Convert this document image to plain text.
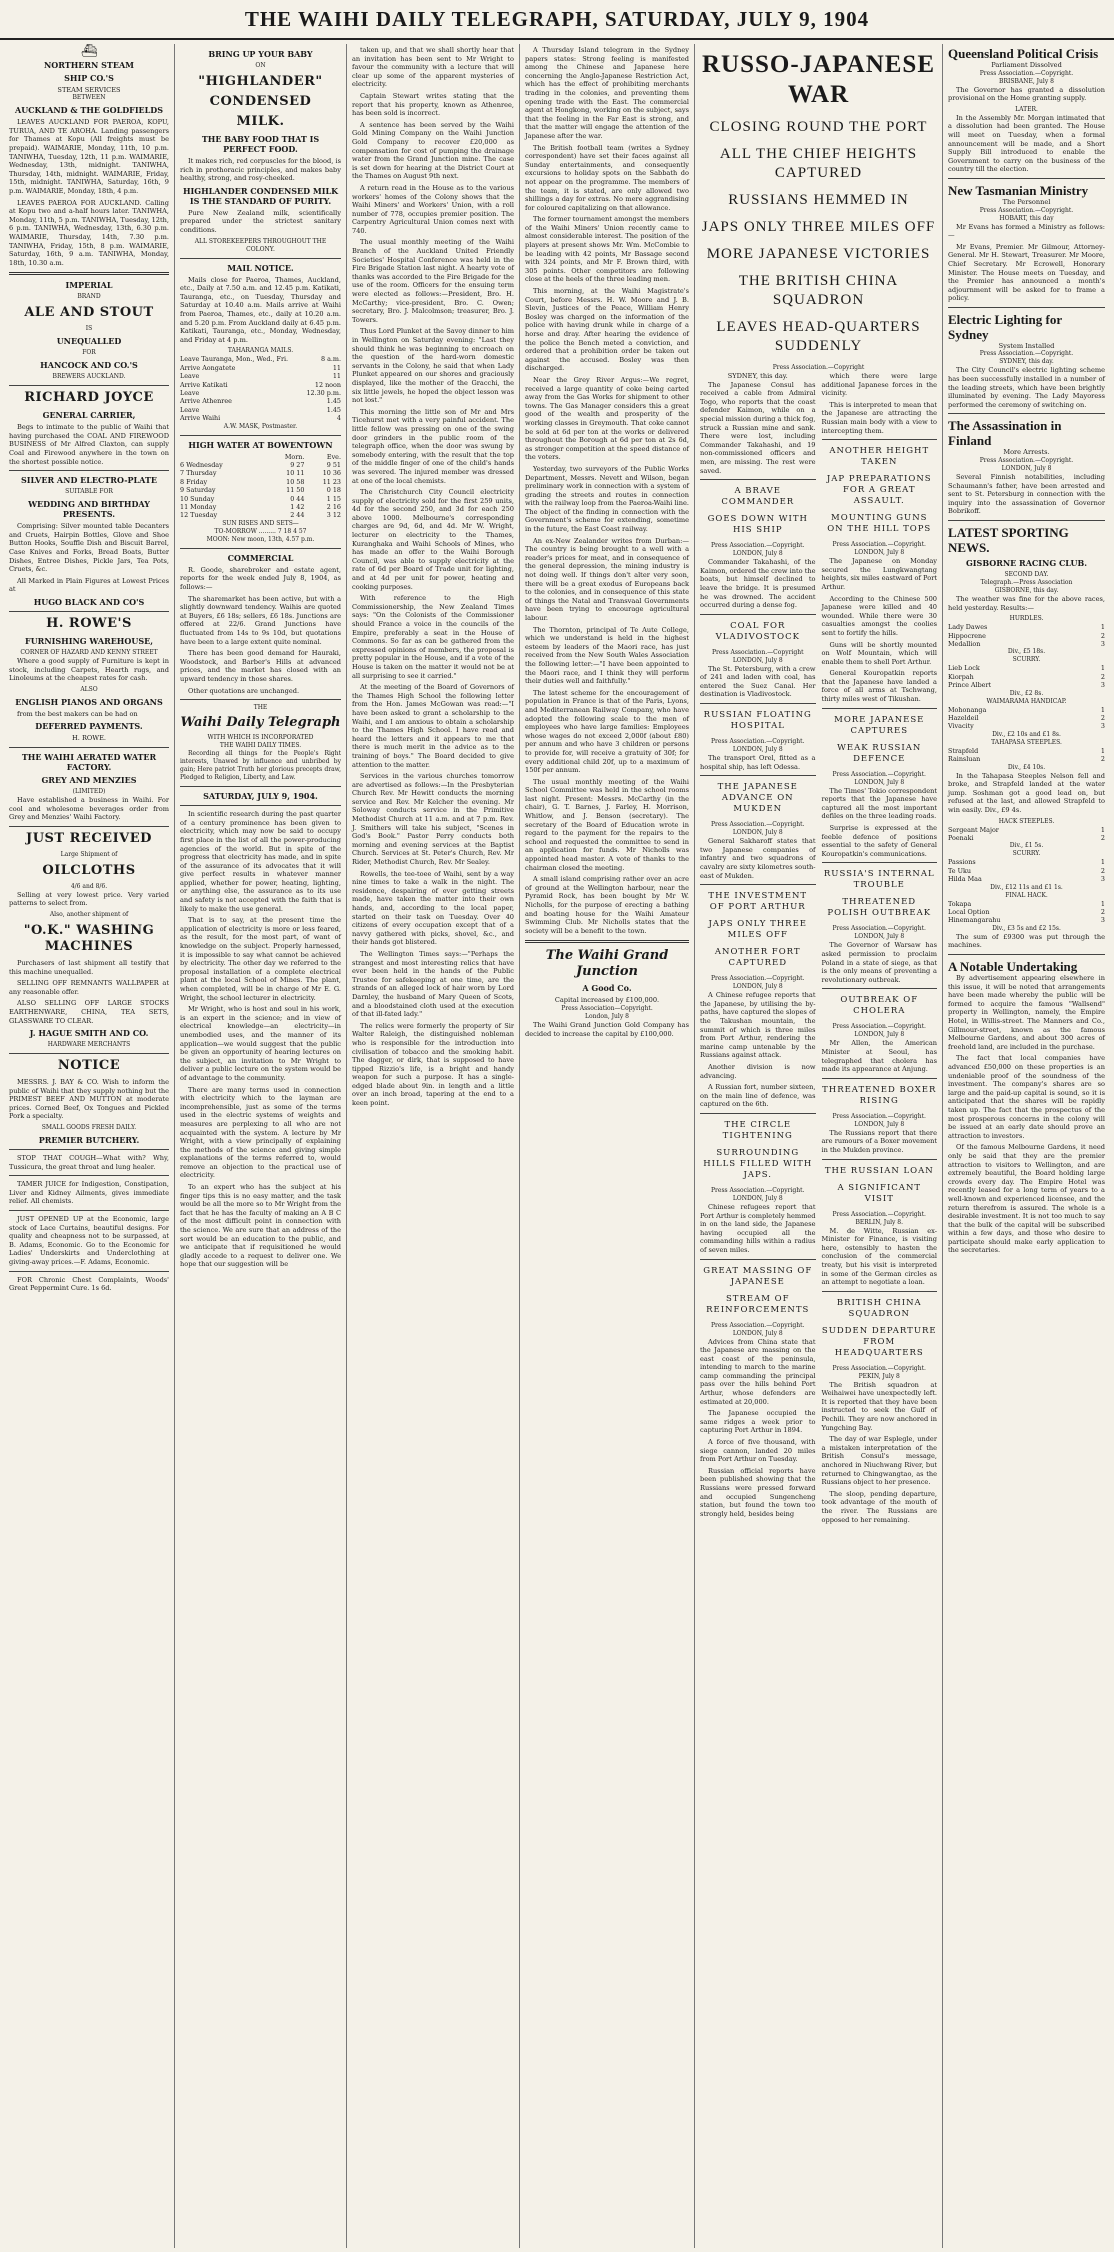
THE WAIHI DAILY TELEGRAPH, SATURDAY, JULY 9, 1904
⛴
NORTHERN STEAM
SHIP CO.'S
STEAM SERVICES
BETWEEN
AUCKLAND & THE GOLDFIELDS

LEAVES AUCKLAND FOR PAEROA, KOPU, TURUA, AND TE AROHA. Landing passengers for Thames at Kopu (All freights must be prepaid). WAIMARIE, Monday, 11th, 10 p.m. TANIWHA, Tuesday, 12th, 11 p.m. WAIMARIE, Wednesday, 13th, midnight. TANIWHA, Thursday, 14th, midnight. WAIMARIE, Friday, 15th, midnight. TANIWHA, Saturday, 16th, 9 p.m. WAIMARIE, Monday, 18th, 4 p.m.

LEAVES PAEROA FOR AUCKLAND. Calling at Kopu two and a-half hours later. TANIWHA, Monday, 11th, 5 p.m. TANIWHA, Tuesday, 12th, 6 p.m. TANIWHA, Wednesday, 13th, 6.30 p.m. WAIMARIE, Thursday, 14th, 7.30 p.m. TANIWHA, Friday, 15th, 8 p.m. WAIMARIE, Saturday, 16th, 9 a.m. TANIWHA, Monday, 18th, 10.30 a.m.

IMPERIAL
BRAND
ALE AND STOUT
IS
UNEQUALLED
FOR
HANCOCK AND CO.'S
BREWERS AUCKLAND.
RICHARD JOYCE
GENERAL CARRIER,

Begs to intimate to the public of Waihi that having purchased the COAL AND FIREWOOD BUSINESS of Mr Alfred Claxton, can supply Coal and Firewood anywhere in the town on the shortest possible notice.

SILVER AND ELECTRO-PLATE
SUITABLE FOR
WEDDING AND BIRTHDAY PRESENTS.

Comprising: Silver mounted table Decanters and Cruets, Hairpin Bottles, Glove and Shoe Button Hooks, Souffle Dish and Biscuit Barrel, Case Knives and Forks, Bread Boats, Butter Dishes, Entree Dishes, Pickle Jars, Tea Pots, Cruets, &c.

All Marked in Plain Figures at Lowest Prices at

HUGO BLACK AND CO'S
H. ROWE'S
FURNISHING WAREHOUSE,
CORNER OF HAZARD AND KENNY STREET

Where a good supply of Furniture is kept in stock, including Carpets, Hearth rugs, and Linoleums at the cheapest rates for cash.

ALSO
ENGLISH PIANOS AND ORGANS

from the best makers can be had on

DEFERRED PAYMENTS.
H. ROWE.
THE WAIHI AERATED WATER FACTORY.
GREY AND MENZIES
(LIMITED)

Have established a business in Waihi. For cool and wholesome beverages order from Grey and Menzies' Waihi Factory.

JUST RECEIVED
Large Shipment of
OILCLOTHS
4/6 and 8/6.

Selling at very lowest price. Very varied patterns to select from.

Also, another shipment of
"O.K." WASHING MACHINES

Purchasers of last shipment all testify that this machine unequalled.

SELLING OFF REMNANTS WALLPAPER at any reasonable offer.

ALSO SELLING OFF LARGE STOCKS EARTHENWARE, CHINA, TEA SETS, GLASSWARE TO CLEAR.

J. HAGUE SMITH AND CO.
HARDWARE MERCHANTS
NOTICE

MESSRS. J. BAY & CO. Wish to inform the public of Waihi that they supply nothing but the PRIMEST BEEF AND MUTTON at moderate prices. Corned Beef, Ox Tongues and Pickled Pork a specialty.

SMALL GOODS FRESH DAILY.
PREMIER BUTCHERY.

STOP THAT COUGH—What with? Why, Tussicura, the great throat and lung healer.

TAMER JUICE for Indigestion, Constipation, Liver and Kidney Ailments, gives immediate relief. All chemists.

JUST OPENED UP at the Economic, large stock of Lace Curtains, beautiful designs. For quality and cheapness not to be surpassed, at B. Adams, Economic. Go to the Economic for Ladies' Underskirts and Underclothing at giving-away prices.—F. Adams, Economic.

FOR Chronic Chest Complaints, Woods' Great Peppermint Cure. 1s 6d.

BRING UP YOUR BABY
ON
"HIGHLANDER"
CONDENSED
MILK.
THE BABY FOOD THAT IS PERFECT FOOD.

It makes rich, red corpuscles for the blood, is rich in prothoracic principles, and makes baby healthy, strong, and rosy-cheeked.

HIGHLANDER CONDENSED MILK IS THE STANDARD OF PURITY.

Pure New Zealand milk, scientifically prepared under the strictest sanitary conditions.

ALL STOREKEEPERS THROUGHOUT THE COLONY.
MAIL NOTICE.

Mails close for Paeroa, Thames, Auckland, etc., Daily at 7.50 a.m. and 12.45 p.m. Katikati, Tauranga, etc., on Tuesday, Thursday and Saturday at 10.40 a.m. Mails arrive at Waihi from Paeroa, Thames, etc., daily at 10.20 a.m. and 5.20 p.m. From Auckland daily at 6.45 p.m. Katikati, Tauranga, etc., Monday, Wednesday, and Friday at 4 p.m.

TAHARANGA MAILS.
Leave Tauranga, Mon., Wed., Fri.	8 a.m.
Arrive Aongatete	11
Leave	11
Arrive Katikati	12 noon
Leave	12.30 p.m.
Arrive Athenree	1.45
Leave	1.45
Arrive Waihi	4
A.W. MASK, Postmaster.
HIGH WATER AT BOWENTOWN
	Morn.	Eve.
6 Wednesday	9 27	9 51
7 Thursday	10 11	10 36
8 Friday	10 58	11 23
9 Saturday	11 50	0 18
10 Sunday	0 44	1 15
11 Monday	1 42	2 16
12 Tuesday	2 44	3 12
SUN RISES AND SETS—
TO-MORROW ......... 7 18 4 57
MOON: New moon, 13th, 4.57 p.m.
COMMERCIAL

R. Goode, sharebroker and estate agent, reports for the week ended July 8, 1904, as follows:—

The sharemarket has been active, but with a slightly downward tendency. Waihis are quoted at Buyers, £6 18s; sellers, £6 18s. Junctions are offered at 22/6. Grand Junctions have fluctuated from 14s to 9s 10d, but quotations have been to a large extent quite nominal.

There has been good demand for Hauraki, Woodstock, and Barber's Hills at advanced prices, and the market has closed with an upward tendency in those shares.

Other quotations are unchanged.

THE
Waihi Daily Telegraph
WITH WHICH IS INCORPORATED
THE WAIHI DAILY TIMES.

Recording all things for the People's Right interests, Unawed by influence and unbribed by gain; Here patriot Truth her glorious precepts draw, Pledged to Religion, Liberty, and Law.

SATURDAY, JULY 9, 1904.

In scientific research during the past quarter of a century prominence has been given to electricity, which may now be said to occupy first place in the list of all the power-producing agencies of the world. But in spite of the progress that electricity has made, and in spite of the assurance of its advocates that it will give perfect results in whatever manner applied, whether for power, heating, lighting, or anything else, the assurance as to its use and safety is not accepted with the faith that is likely to make the use general.

That is to say, at the present time the application of electricity is more or less feared, as the result, for the most part, of want of knowledge on the subject. Properly harnessed, it is impossible to say what cannot be achieved by electricity. The other day we referred to the proposal installation of a complete electrical plant at the local School of Mines. The plant, when completed, will be in charge of Mr E. G. Wright, the school lecturer in electricity.

Mr Wright, who is host and soul in his work, is an expert in the science; and in view of electrical knowledge—an electricity—in unembodied uses, and the manner of its application—we would suggest that the public be given an opportunity of hearing lectures on the subject, an invitation to Mr Wright to deliver a public lecture on the system would be of advantage to the community.

There are many terms used in connection with electricity which to the layman are incomprehensible, just as some of the terms used in the electric systems of weights and measures are perplexing to all who are not acquainted with the system. A lecture by Mr Wright, with a view principally of explaining the methods of the science and giving simple explanations of the terms referred to, would remove an objection to the practical use of electricity.

To an expert who has the subject at his finger tips this is no easy matter, and the task would be all the more so to Mr Wright from the fact that he has the faculty of making an A B C of the most difficult point in connection with the science. We are sure that an address of the sort would be an education to the public, and we anticipate that if requisitioned he would gladly accede to a request to deliver one. We hope that our suggestion will be

taken up, and that we shall shortly hear that an invitation has been sent to Mr Wright to favour the community with a lecture that will clear up some of the apparent mysteries of electricity.

Captain Stewart writes stating that the report that his property, known as Athenree, has been sold is incorrect.

A sentence has been served by the Waihi Gold Mining Company on the Waihi Junction Gold Company to recover £20,000 as compensation for cost of pumping the drainage water from the Grand Junction mine. The case is set down for hearing at the District Court at the Thames on August 9th next.

A return read in the House as to the various workers' homes of the Colony shows that the Waihi Miners' and Workers' Union, with a roll number of 778, occupies premier position. The Carpentry Agricultural Union comes next with 740.

The usual monthly meeting of the Waihi Branch of the Auckland United Friendly Societies' Hospital Conference was held in the Fire Brigade Station last night. A hearty vote of thanks was accorded to the Fire Brigade for the use of the room. Officers for the ensuing term were elected as follows:—President, Bro. H. McCarthy; vice-president, Bro. C. Owen; secretary, Bro. J. Malcolmson; treasurer, Bro. J. Towers.

Thus Lord Plunket at the Savoy dinner to him in Wellington on Saturday evening: "Last they should think he was beginning to encroach on the question of the hard-worn domestic servants in the Colony, he said that when Lady Plunket appeared on our shores and graciously displayed, like the mother of the Gracchi, the six little jewels, he hoped the object lesson was not lost."

This morning the little son of Mr and Mrs Ticehurst met with a very painful accident. The little fellow was pressing on one of the swing door grinders in the public room of the telegraph office, when the door was swung by somebody entering, with the result that the top of the middle finger of one of the child's hands was severed. The injured member was dressed at one of the local chemists.

The Christchurch City Council electricity supply of electricity sold for the first 259 units, 4d for the second 250, and 3d for each 250 above 1000. Melbourne's corresponding charges are 9d, 6d, and 4d. Mr W. Wright, lecturer on electricity to the Thames, Kuranghaka and Waihi Schools of Mines, who has made an offer to the Waihi Borough Council, was able to supply electricity at the rate of 6d per Board of Trade unit for lighting, and at 4d per unit for power, heating and cooking purposes.

With reference to the High Commissionership, the New Zealand Times says: "On the Colonists of the Commissioner should France a voice in the councils of the Empire, preferably a seat in the House of Commons. So far as can be gathered from the expressed opinions of members, the proposal is pretty popular in the House, and if a vote of the House is taken on the matter it would not be at all surprising to see it carried."

At the meeting of the Board of Governors of the Thames High School the following letter from the Hon. James McGowan was read:—"I have been asked to grant a scholarship to the Waihi, and I am anxious to obtain a scholarship to the Thames High School. I have read and heard the letters and it appears to me that there is much merit in the advice as to the training of boys." The Board decided to give attention to the matter.

Services in the various churches tomorrow are advertised as follows:—In the Presbyterian Church Rev. Mr Hewitt conducts the morning service and Rev. Mr Kelcher the evening. Mr Soloway conducts service in the Primitive Methodist Church at 11 a.m. and at 7 p.m. Rev. J. Smithers will take his subject, "Scenes in God's Book." Pastor Perry conducts both morning and evening services at the Baptist Church. Services at St. Peter's Church, Rev. Mr Rider, Methodist Church, Rev. Mr Sealey.

Rowells, the tee-toee of Waihi, sent by a way nine times to take a walk in the night. The residence, despairing of ever getting streets made, have taken the matter into their own hands, and, according to the local paper, started on their task on Tuesday. Over 40 citizens of every occupation except that of a navvy gathered with picks, shovel, &c., and their hands got blistered.

The Wellington Times says:—"Perhaps the strangest and most interesting relics that have ever been held in the hands of the Public Trustee for safekeeping at one time, are the strands of an alleged lock of hair worn by Lord Darnley, the husband of Mary Queen of Scots, and a bloodstained cloth used at the execution of that ill-fated lady."

The relics were formerly the property of Sir Walter Raleigh, the distinguished nobleman who is responsible for the introduction into civilisation of tobacco and the smoking habit. The dagger, or dirk, that is supposed to have tipped Rizzio's life, is a bright and handy weapon for such a purpose. It has a single-edged blade about 9in. in length and a little over an inch broad, tapering at the end to a keen point.

A Thursday Island telegram in the Sydney papers states: Strong feeling is manifested among the Chinese and Japanese here concerning the Anglo-Japanese Restriction Act, which has the effect of prohibiting merchants trading in the colonies, and preventing them opening trade with the East. The commercial agent at Hongkong, working on the subject, says that the feeling in the Far East is strong, and that the matter will engage the attention of the Japanese after the war.

The British football team (writes a Sydney correspondent) have set their faces against all Sunday entertainments, and consequently excursions to holiday spots on the Sabbath do not appear on the programme. The members of the team, it is stated, are only allowed two shillings a day for extras. No mere aggrandising for coloured capitalizing on that allowance.

The former tournament amongst the members of the Waihi Miners' Union recently came to almost considerable interest. The position of the players at present shows Mr. Wm. McCombie to be leading with 42 points, Mr Bassage second with 324 points, and Mr F. Brown third, with 305 points. Other competitors are following close at the heels of the three leading men.

This morning, at the Waihi Magistrate's Court, before Messrs. H. W. Moore and J. B. Slevin, Justices of the Peace, William Henry Bosley was charged on the information of the police with having drunk while in charge of a horse and dray. After hearing the evidence of the police the Bench meted a conviction, and ordered that a prohibition order be taken out against the accused. Bosley was then discharged.

Near the Grey River Argus:—We regret, received a large quantity of coke being carted away from the Gas Works for shipment to other towns. The Gas Manager considers this a great good of the wealth and prosperity of the working classes in Greymouth. That coke cannot be sold at 6d per ton at the works or delivered throughout the Borough at 6d per ton at 2s 6d, as stronger competition at the speed distance of the voters.

Yesterday, two surveyors of the Public Works Department, Messrs. Nevett and Wilson, began preliminary work in connection with a system of grading the streets and routes in connection with the railway loop from the Paeroa-Waihi line. The object of the finding in connection with the Government's scheme for extending, sometime in the future, the East Coast railway.

An ex-New Zealander writes from Durban:—The country is being brought to a well with a reader's prices for meat, and in consequence of the general depression, the mining industry is not doing well. If things don't alter very soon, there will be a great exodus of Europeans back to the colonies, and in consequence of this state of things the Natal and Transvaal Governments have been trying to encourage agricultural labour.

The Thornton, principal of Te Aute College, which we understand is held in the highest esteem by leaders of the Maori race, has just received from the New South Wales Association the following letter:—"I have been appointed to the Maori race, and I think they will perform their duties well and faithfully."

The latest scheme for the encouragement of population in France is that of the Paris, Lyons, and Mediterranean Railway Company, who have adopted the following scale to the men of employees who have large families: Employees whose wages do not exceed 2,000f (about £80) per annum and who have 3 children or persons to provide for, will receive a gratuity of 30f; for every additional child 20f, up to a maximum of 150f per annum.

The usual monthly meeting of the Waihi School Committee was held in the school rooms last night. Present: Messrs. McCarthy (in the chair), G. T. Barnes, J. Farley, H. Morrison, Whitlow, and J. Benson (secretary). The secretary of the Board of Education wrote in regard to the payment for the repairs to the school and requested the committee to send in an application for funds. Mr Nicholls was appointed head master. A vote of thanks to the chairman closed the meeting.

A small island comprising rather over an acre of ground at the Wellington harbour, near the Pyramid Rock, has been bought by Mr W. Nicholls, for the purpose of erecting a bathing and boating house for the Waihi Amateur Swimming Club. Mr Nicholls states that the society will be a benefit to the town.

The Waihi Grand Junction
A Good Co.
Capital increased by £100,000.
Press Association—Copyright.
London, July 8

The Waihi Grand Junction Gold Company has decided to increase the capital by £100,000.

RUSSO-JAPANESE WAR
CLOSING ROUND THE PORT
ALL THE CHIEF HEIGHTS CAPTURED
RUSSIANS HEMMED IN
JAPS ONLY THREE MILES OFF
MORE JAPANESE VICTORIES
THE BRITISH CHINA SQUADRON
LEAVES HEAD-QUARTERS SUDDENLY
Press Association.—Copyright
SYDNEY, this day.

The Japanese Consul has received a cable from Admiral Togo, who reports that the coast defender Kaimon, while on a special mission during a thick fog, struck a Russian mine and sank. There were lost, including Commander Takahashi, and 19 non-commissioned officers and men, are missing. The rest were saved.

A BRAVE COMMANDER
GOES DOWN WITH HIS SHIP
Press Association.—Copyright.
LONDON, July 8

Commander Takahashi, of the Kaimon, ordered the crew into the boats, but himself declined to leave the bridge. It is presumed he was drowned. The accident occurred during a dense fog.

COAL FOR VLADIVOSTOCK
Press Association.—Copyright
LONDON, July 8

The St. Petersburg, with a crew of 241 and laden with coal, has entered the Suez Canal. Her destination is Vladivostock.

RUSSIAN FLOATING HOSPITAL
Press Association.—Copyright.
LONDON, July 8

The transport Orel, fitted as a hospital ship, has left Odessa.

THE JAPANESE ADVANCE ON MUKDEN
Press Association.—Copyright.
LONDON, July 8

General Sakharoff states that two Japanese companies of infantry and two squadrons of cavalry are sixty kilometres south-east of Mukden.

THE INVESTMENT OF PORT ARTHUR
JAPS ONLY THREE MILES OFF
ANOTHER FORT CAPTURED
Press Association.—Copyright.
LONDON, July 8

A Chinese refugee reports that the Japanese, by utilising the by-paths, have captured the slopes of the Takushan mountain, the summit of which is three miles from Port Arthur, rendering the marine camp untenable by the Russians against attack.

Another division is now advancing.

A Russian fort, number sixteen, on the main line of defence, was captured on the 6th.

THE CIRCLE TIGHTENING
SURROUNDING HILLS FILLED WITH JAPS.
Press Association.—Copyright.
LONDON, July 8

Chinese refugees report that Port Arthur is completely hemmed in on the land side, the Japanese having occupied all the commanding hills within a radius of seven miles.

GREAT MASSING OF JAPANESE
STREAM OF REINFORCEMENTS
Press Association.—Copyright.
LONDON, July 8

Advices from China state that the Japanese are massing on the east coast of the peninsula, intending to march to the marine camp commanding the principal pass over the hills behind Port Arthur, whose defenders are estimated at 20,000.

The Japanese occupied the same ridges a week prior to capturing Port Arthur in 1894.

A force of five thousand, with siege cannon, landed 20 miles from Port Arthur on Tuesday.

Russian official reports have been published showing that the Russians were pressed forward and occupied Sungencheng station, but found the town too strongly held, besides being

which there were large additional Japanese forces in the vicinity.

This is interpreted to mean that the Japanese are attracting the Russian main body with a view to intercepting them.

ANOTHER HEIGHT TAKEN
JAP PREPARATIONS FOR A GREAT ASSAULT.
MOUNTING GUNS ON THE HILL TOPS
Press Association.—Copyright.
LONDON, July 8

The Japanese on Monday secured the Lungkwangtang heights, six miles eastward of Port Arthur.

According to the Chinese 500 Japanese were killed and 40 wounded. While there were 30 casualties amongst the coolies sent to fortify the hills.

Guns will be shortly mounted on Wolf Mountain, which will enable them to shell Port Arthur.

General Kouropatkin reports that the Japanese have landed a force of all arms at Tschwang, thirty miles west of Tikushan.

MORE JAPANESE CAPTURES
WEAK RUSSIAN DEFENCE
Press Association.—Copyright.
LONDON, July 8

The Times' Tokio correspondent reports that the Japanese have captured all the most important defiles on the three leading roads.

Surprise is expressed at the feeble defence of positions essential to the safety of General Kouropatkin's communications.

RUSSIA'S INTERNAL TROUBLE
THREATENED POLISH OUTBREAK
Press Association.—Copyright.
LONDON, July 8

The Governor of Warsaw has asked permission to proclaim Poland in a state of siege, as that is the only means of preventing a revolutionary outbreak.

OUTBREAK OF CHOLERA
Press Association.—Copyright.
LONDON, July 8

Mr Allen, the American Minister at Seoul, has telegraphed that cholera has made its appearance at Anjung.

THREATENED BOXER RISING
Press Association.—Copyright.
LONDON, July 8

The Russians report that there are rumours of a Boxer movement in the Mukden province.

THE RUSSIAN LOAN
A SIGNIFICANT VISIT
Press Association.—Copyright.
BERLIN, July 8.

M. de Witte, Russian ex-Minister for Finance, is visiting here, ostensibly to hasten the conclusion of the commercial treaty, but his visit is interpreted in some of the German circles as an attempt to negotiate a loan.

BRITISH CHINA SQUADRON
SUDDEN DEPARTURE FROM HEADQUARTERS
Press Association.—Copyright.
PEKIN, July 8

The British squadron at Weihaiwei have unexpectedly left. It is reported that they have been instructed to seek the Gulf of Pechili. They are now anchored in Yungching Bay.

The day of war Esplegle, under a mistaken interpretation of the British Consul's message, anchored in Niuchwang River, but returned to Chingwangtao, as the Russians object to her presence.

The sloop, pending departure, took advantage of the mouth of the river. The Russians are opposed to her remaining.

Queensland Political Crisis
Parliament Dissolved
Press Association.—Copyright.
BRISBANE, July 8

The Governor has granted a dissolution provisional on the Home granting supply.

LATER.

In the Assembly Mr. Morgan intimated that a dissolution had been granted. The House will meet on Tuesday, when a formal announcement will be made, and a Short Supply Bill introduced to enable the Government to carry on the business of the country till the election.

New Tasmanian Ministry
The Personnel
Press Association.—Copyright.
HOBART, this day

Mr Evans has formed a Ministry as follows:—

Mr Evans, Premier. Mr Gilmour, Attorney-General. Mr H. Stewart, Treasurer. Mr Moore, Chief Secretary. Mr Ecrowell, Honorary Minister. The House meets on Tuesday, and the Premier has announced a month's adjournment will be asked for to frame a policy.

Electric Lighting for Sydney
System Installed
Press Association.—Copyright.
SYDNEY, this day.

The City Council's electric lighting scheme has been successfully installed in a number of the leading streets, which have been brightly illuminated by evening. The Lady Mayoress performed the ceremony of switching on.

The Assassination in Finland
More Arrests.
Press Association.—Copyright.
LONDON, July 8

Several Finnish notabilities, including Schaumann's father, have been arrested and sent to St. Petersburg in connection with the inquiry into the assassination of Governor Bobrikoff.

LATEST SPORTING NEWS.
GISBORNE RACING CLUB.
SECOND DAY.
Telegraph.—Press Association
GISBORNE, this day.

The weather was fine for the above races, held yesterday. Results:—

HURDLES.
Lady Dawes	1
Hippocrene	2
Medallion	3
Div., £5 18s.
SCURRY.
Lieb Lock	1
Kiorpah	2
Prince Albert	3
Div., £2 8s.
WAIMARAMA HANDICAP.
Mohonanga	1
Hazeldeil	2
Vivacity	3
Div., £2 10s and £1 8s.
TAHAPASA STEEPLES.
Strapfeld	1
Rainsluan	2
Div., £4 10s.

In the Tahapasa Steeples Nelson fell and broke, and Strapfeld landed at the water jump. Soshman got a good lead on, but refused at the last, and allowed Strapfeld to win easily. Div., £9 4s.

HACK STEEPLES.
Sergeant Major	1
Poenaki	2
Div., £1 5s.
SCURRY.
Passions	1
Te Uku	2
Hilda Maa	3
Div., £12 11s and £1 1s.
FINAL HACK.
Tokapa	1
Local Option	2
Hinemangarahu	3
Div., £3 5s and £2 15s.

The sum of £9300 was put through the machines.

A Notable Undertaking

By advertisement appearing elsewhere in this issue, it will be noted that arrangements have been made whereby the public will be formed to acquire the famous "Wallsend" property in Wellington, namely, the Empire Hotel, in Willis-street. The Manners and Co., Gillmour-street, known as the famous Melbourne Gardens, and about 300 acres of freehold land, are included in the purchase.

The fact that local companies have advanced £50,000 on these properties is an undeniable proof of the soundness of the investment. The company's shares are so large and the paid-up capital is sound, so it is anticipated that the shares will be rapidly taken up. The fact that the prospectus of the most prosperous concerns in the colony will be issued at an early date should prove an attraction to investors.

Of the famous Melbourne Gardens, it need only be said that they are the premier attraction to visitors to Wellington, and are extremely beautiful, the Board holding large crowds every day. The Empire Hotel was recently leased for a long term of years to a well-known and experienced licensee, and the return therefrom is assured. The whole is a desirable investment. It is not too much to say that the bulk of the capital will be subscribed within a few days, and those who desire to participate should make early application to the secretaries.
